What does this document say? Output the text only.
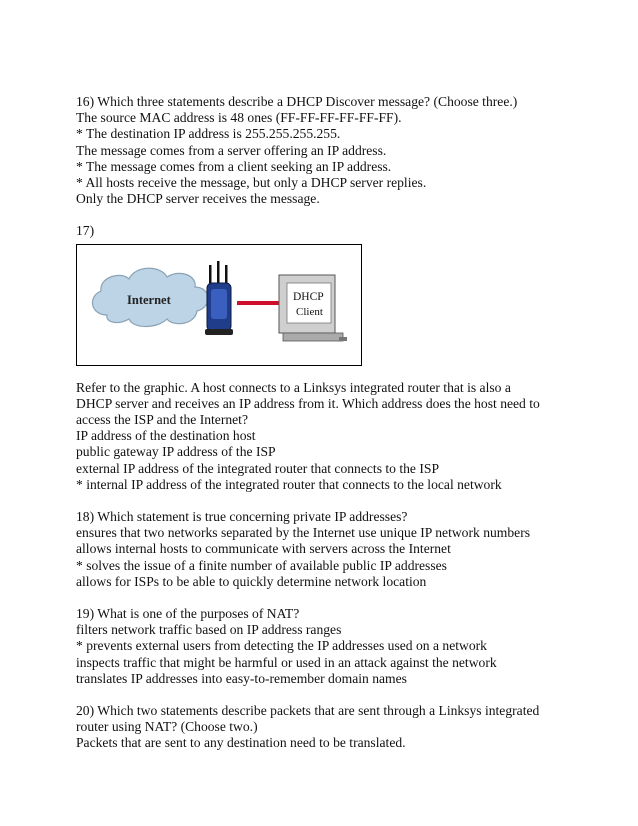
16) Which three statements describe a DHCP Discover message? (Choose three.)
The source MAC address is 48 ones (FF-FF-FF-FF-FF-FF).
* The destination IP address is 255.255.255.255.
The message comes from a server offering an IP address.
* The message comes from a client seeking an IP address.
* All hosts receive the message, but only a DHCP server replies.
Only the DHCP server receives the message.
17)
Internet	DHCP
Client
Refer to the graphic. A host connects to a Linksys integrated router that is also a
DHCP server and receives an IP address from it. Which address does the host need to
access the ISP and the Internet?
IP address of the destination host
public gateway IP address of the ISP
external IP address of the integrated router that connects to the ISP
* internal IP address of the integrated router that connects to the local network
18) Which statement is true concerning private IP addresses?
ensures that two networks separated by the Internet use unique IP network numbers
allows internal hosts to communicate with servers across the Internet
* solves the issue of a finite number of available public IP addresses
allows for ISPs to be able to quickly determine network location
19) What is one of the purposes of NAT?
filters network traffic based on IP address ranges
* prevents external users from detecting the IP addresses used on a network
inspects traffic that might be harmful or used in an attack against the network
translates IP addresses into easy-to-remember domain names
20) Which two statements describe packets that are sent through a Linksys integrated
router using NAT? (Choose two.)
Packets that are sent to any destination need to be translated.
